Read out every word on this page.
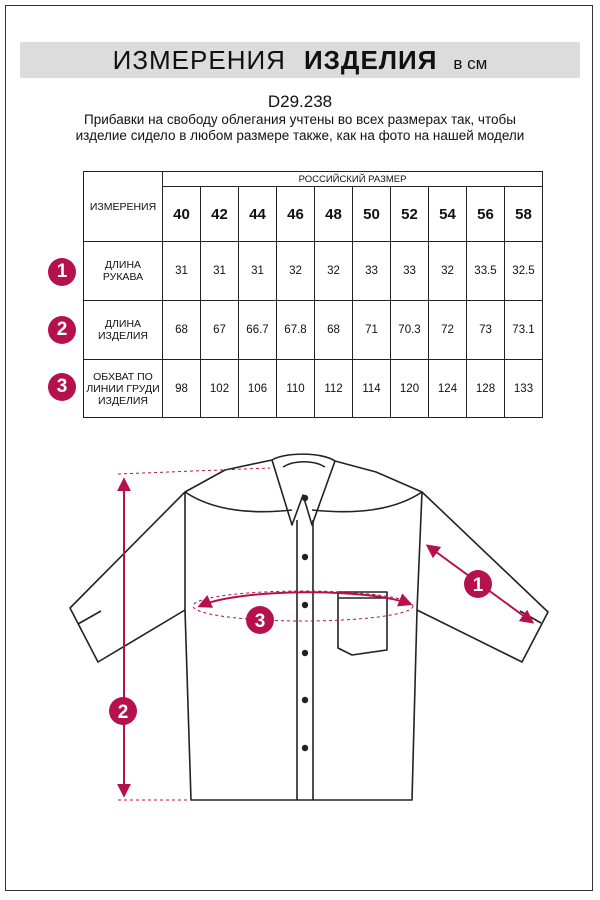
ИЗМЕРЕНИЯ ИЗДЕЛИЯ в см
D29.238
Прибавки на свободу облегания учтены во всех размерах так, чтобы изделие сидело в любом размере также, как на фото на нашей модели
1
2
3
ИЗМЕРЕНИЯ	РОССИЙСКИЙ РАЗМЕР									
	40	42	44	46	48	50	52	54	56	58
ДЛИНА РУКАВА	31	31	31	32	32	33	33	32	33.5	32.5
ДЛИНА ИЗДЕЛИЯ	68	67	66.7	67.8	68	71	70.3	72	73	73.1
ОБХВАТ ПО ЛИНИИ ГРУДИ ИЗДЕЛИЯ	98	102	106	110	112	114	120	124	128	133
1
2
3
